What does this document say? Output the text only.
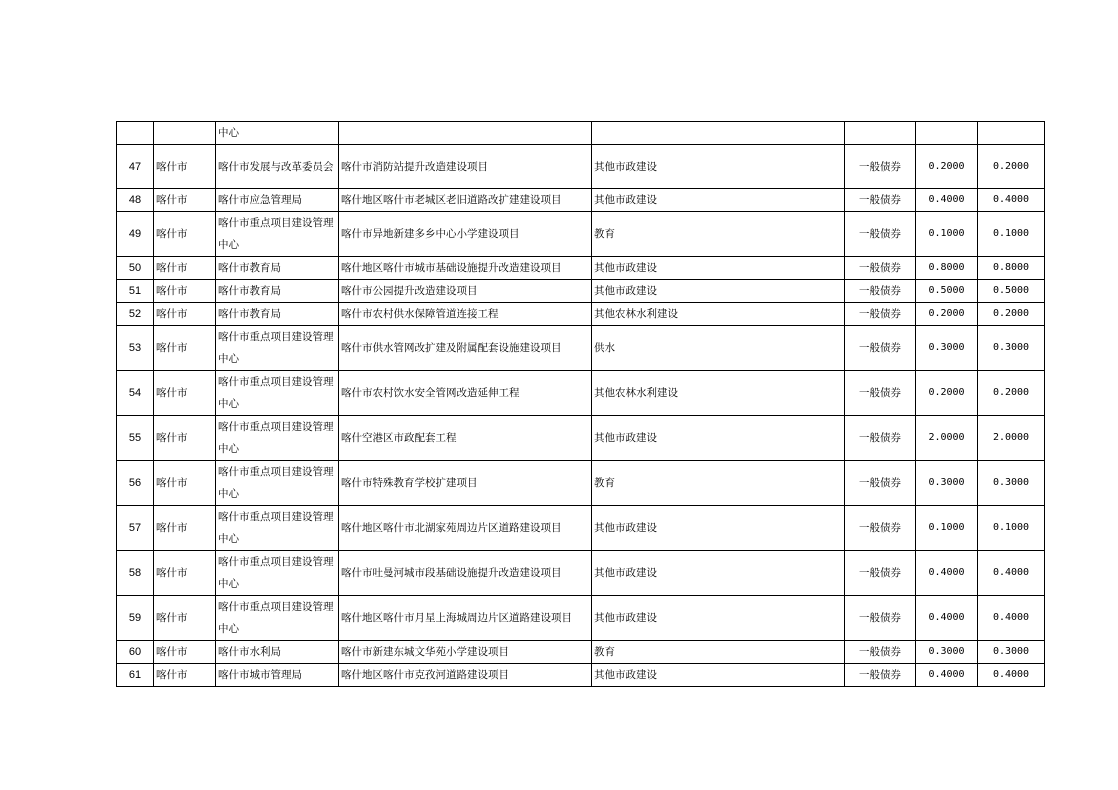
		中心					
47	喀什市	喀什市发展与改革委员会	喀什市消防站提升改造建设项目	其他市政建设	一般债券	0.2000	0.2000
48	喀什市	喀什市应急管理局	喀什地区喀什市老城区老旧道路改扩建建设项目	其他市政建设	一般债券	0.4000	0.4000
49	喀什市	喀什市重点项目建设管理中心	喀什市异地新建多乡中心小学建设项目	教育	一般债券	0.1000	0.1000
50	喀什市	喀什市教育局	喀什地区喀什市城市基础设施提升改造建设项目	其他市政建设	一般债券	0.8000	0.8000
51	喀什市	喀什市教育局	喀什市公园提升改造建设项目	其他市政建设	一般债券	0.5000	0.5000
52	喀什市	喀什市教育局	喀什市农村供水保障管道连接工程	其他农林水利建设	一般债券	0.2000	0.2000
53	喀什市	喀什市重点项目建设管理中心	喀什市供水管网改扩建及附属配套设施建设项目	供水	一般债券	0.3000	0.3000
54	喀什市	喀什市重点项目建设管理中心	喀什市农村饮水安全管网改造延伸工程	其他农林水利建设	一般债券	0.2000	0.2000
55	喀什市	喀什市重点项目建设管理中心	喀什空港区市政配套工程	其他市政建设	一般债券	2.0000	2.0000
56	喀什市	喀什市重点项目建设管理中心	喀什市特殊教育学校扩建项目	教育	一般债券	0.3000	0.3000
57	喀什市	喀什市重点项目建设管理中心	喀什地区喀什市北湖家苑周边片区道路建设项目	其他市政建设	一般债券	0.1000	0.1000
58	喀什市	喀什市重点项目建设管理中心	喀什市吐曼河城市段基础设施提升改造建设项目	其他市政建设	一般债券	0.4000	0.4000
59	喀什市	喀什市重点项目建设管理中心	喀什地区喀什市月星上海城周边片区道路建设项目	其他市政建设	一般债券	0.4000	0.4000
60	喀什市	喀什市水利局	喀什市新建东城文华苑小学建设项目	教育	一般债券	0.3000	0.3000
61	喀什市	喀什市城市管理局	喀什地区喀什市克孜河道路建设项目	其他市政建设	一般债券	0.4000	0.4000
